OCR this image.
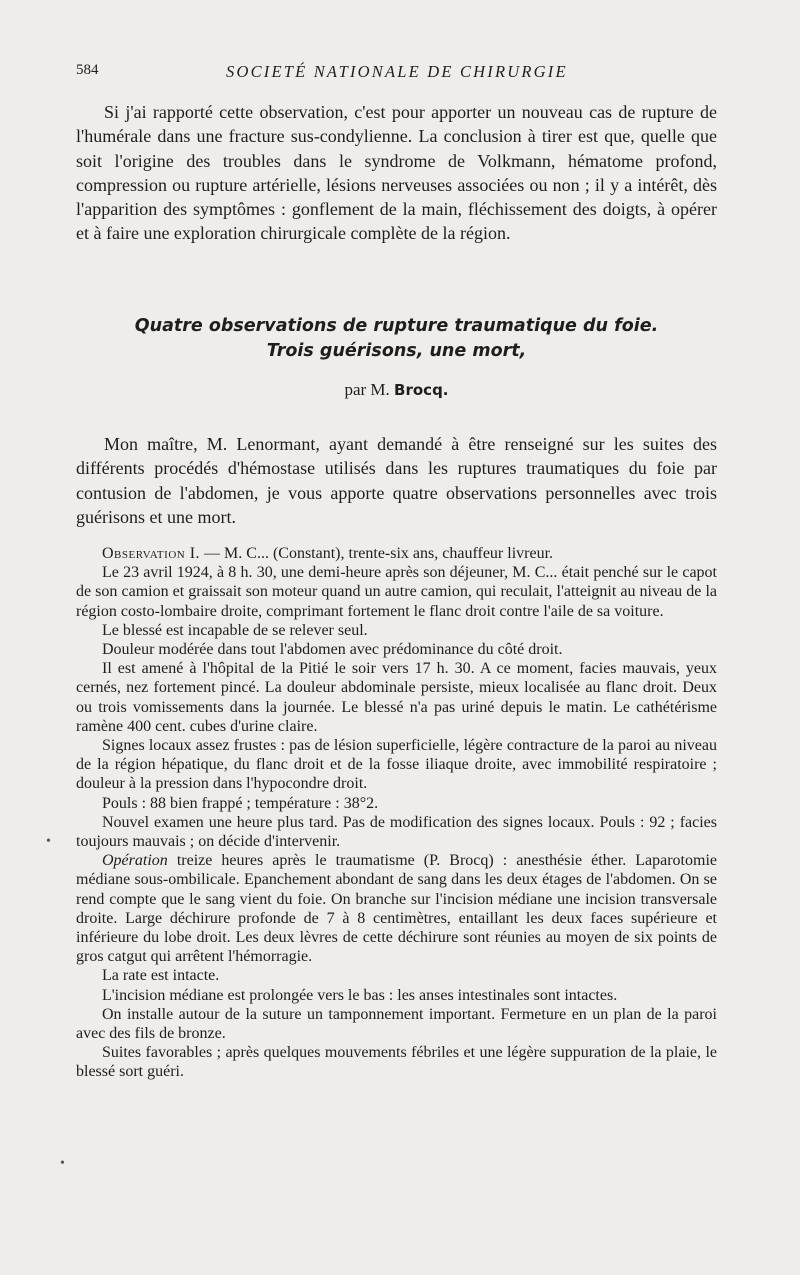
584	SOCIETÉ NATIONALE DE CHIRURGIE

Si j'ai rapporté cette observation, c'est pour apporter un nouveau cas de rupture de l'humérale dans une fracture sus-condylienne. La conclusion à tirer est que, quelle que soit l'origine des troubles dans le syndrome de Volkmann, hématome profond, compression ou rupture artérielle, lésions nerveuses associées ou non ; il y a intérêt, dès l'apparition des symptômes : gonflement de la main, fléchissement des doigts, à opérer et à faire une exploration chirurgicale complète de la région.

Quatre observations de rupture traumatique du foie.
Trois guérisons, une mort,
par M. Brocq.

Mon maître, M. Lenormant, ayant demandé à être renseigné sur les suites des différents procédés d'hémostase utilisés dans les ruptures traumatiques du foie par contusion de l'abdomen, je vous apporte quatre observations personnelles avec trois guérisons et une mort.

Observation I. — M. C... (Constant), trente-six ans, chauffeur livreur.

Le 23 avril 1924, à 8 h. 30, une demi-heure après son déjeuner, M. C... était penché sur le capot de son camion et graissait son moteur quand un autre camion, qui reculait, l'atteignit au niveau de la région costo-lombaire droite, comprimant fortement le flanc droit contre l'aile de sa voiture.

Le blessé est incapable de se relever seul.

Douleur modérée dans tout l'abdomen avec prédominance du côté droit.

Il est amené à l'hôpital de la Pitié le soir vers 17 h. 30. A ce moment, facies mauvais, yeux cernés, nez fortement pincé. La douleur abdominale persiste, mieux localisée au flanc droit. Deux ou trois vomissements dans la journée. Le blessé n'a pas uriné depuis le matin. Le cathétérisme ramène 400 cent. cubes d'urine claire.

Signes locaux assez frustes : pas de lésion superficielle, légère contracture de la paroi au niveau de la région hépatique, du flanc droit et de la fosse iliaque droite, avec immobilité respiratoire ; douleur à la pression dans l'hypocondre droit.

Pouls : 88 bien frappé ; température : 38°2.

Nouvel examen une heure plus tard. Pas de modification des signes locaux. Pouls : 92 ; facies toujours mauvais ; on décide d'intervenir.

Opération treize heures après le traumatisme (P. Brocq) : anesthésie éther. Laparotomie médiane sous-ombilicale. Epanchement abondant de sang dans les deux étages de l'abdomen. On se rend compte que le sang vient du foie. On branche sur l'incision médiane une incision transversale droite. Large déchirure profonde de 7 à 8 centimètres, entaillant les deux faces supérieure et inférieure du lobe droit. Les deux lèvres de cette déchirure sont réunies au moyen de six points de gros catgut qui arrêtent l'hémorragie.

La rate est intacte.

L'incision médiane est prolongée vers le bas : les anses intestinales sont intactes.

On installe autour de la suture un tamponnement important. Fermeture en un plan de la paroi avec des fils de bronze.

Suites favorables ; après quelques mouvements fébriles et une légère suppuration de la plaie, le blessé sort guéri.

•
•
